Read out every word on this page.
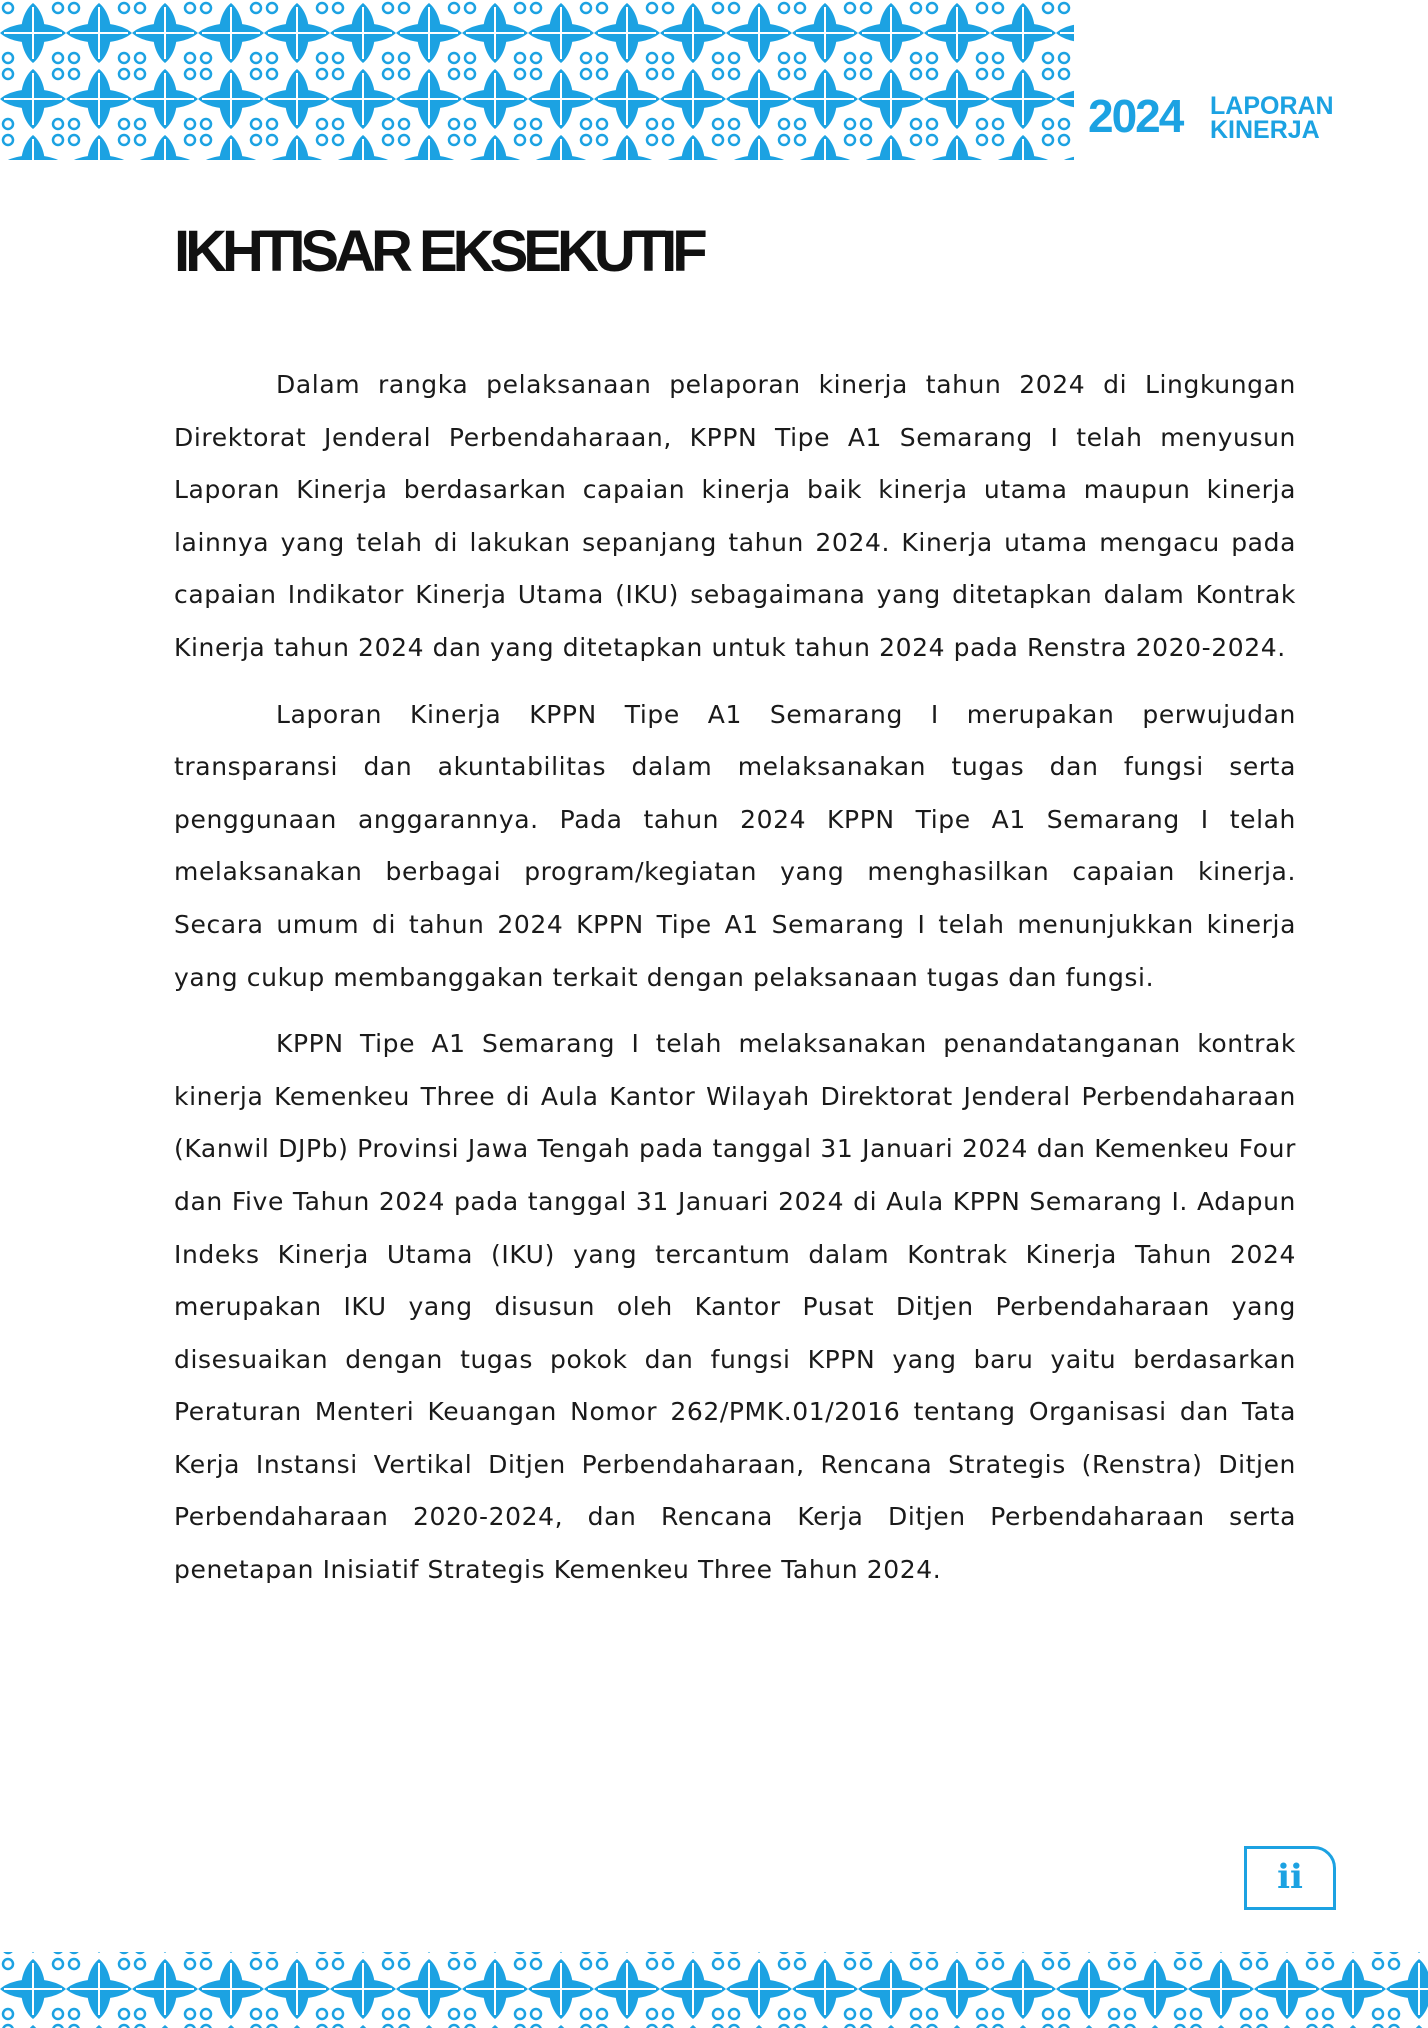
2024 LAPORAN
KINERJA
IKHTISAR EKSEKUTIF

Dalam rangka pelaksanaan pelaporan kinerja tahun 2024 di Lingkungan Direktorat Jenderal Perbendaharaan, KPPN Tipe A1 Semarang I telah menyusun Laporan Kinerja berdasarkan capaian kinerja baik kinerja utama maupun kinerja lainnya yang telah di lakukan sepanjang tahun 2024. Kinerja utama mengacu pada capaian Indikator Kinerja Utama (IKU) sebagaimana yang ditetapkan dalam Kontrak Kinerja tahun 2024 dan yang ditetapkan untuk tahun 2024 pada Renstra 2020-2024.

Laporan Kinerja KPPN Tipe A1 Semarang I merupakan perwujudan transparansi dan akuntabilitas dalam melaksanakan tugas dan fungsi serta penggunaan anggarannya. Pada tahun 2024 KPPN Tipe A1 Semarang I telah melaksanakan berbagai program/kegiatan yang menghasilkan capaian kinerja. Secara umum di tahun 2024 KPPN Tipe A1 Semarang I telah menunjukkan kinerja yang cukup membanggakan terkait dengan pelaksanaan tugas dan fungsi.

KPPN Tipe A1 Semarang I telah melaksanakan penandatanganan kontrak kinerja Kemenkeu Three di Aula Kantor Wilayah Direktorat Jenderal Perbendaharaan (Kanwil DJPb) Provinsi Jawa Tengah pada tanggal 31 Januari 2024 dan Kemenkeu Four dan Five Tahun 2024 pada tanggal 31 Januari 2024 di Aula KPPN Semarang I. Adapun Indeks Kinerja Utama (IKU) yang tercantum dalam Kontrak Kinerja Tahun 2024 merupakan IKU yang disusun oleh Kantor Pusat Ditjen Perbendaharaan yang disesuaikan dengan tugas pokok dan fungsi KPPN yang baru yaitu berdasarkan Peraturan Menteri Keuangan Nomor 262/PMK.01/2016 tentang Organisasi dan Tata Kerja Instansi Vertikal Ditjen Perbendaharaan, Rencana Strategis (Renstra) Ditjen Perbendaharaan 2020-2024, dan Rencana Kerja Ditjen Perbendaharaan serta penetapan Inisiatif Strategis Kemenkeu Three Tahun 2024.

ii
